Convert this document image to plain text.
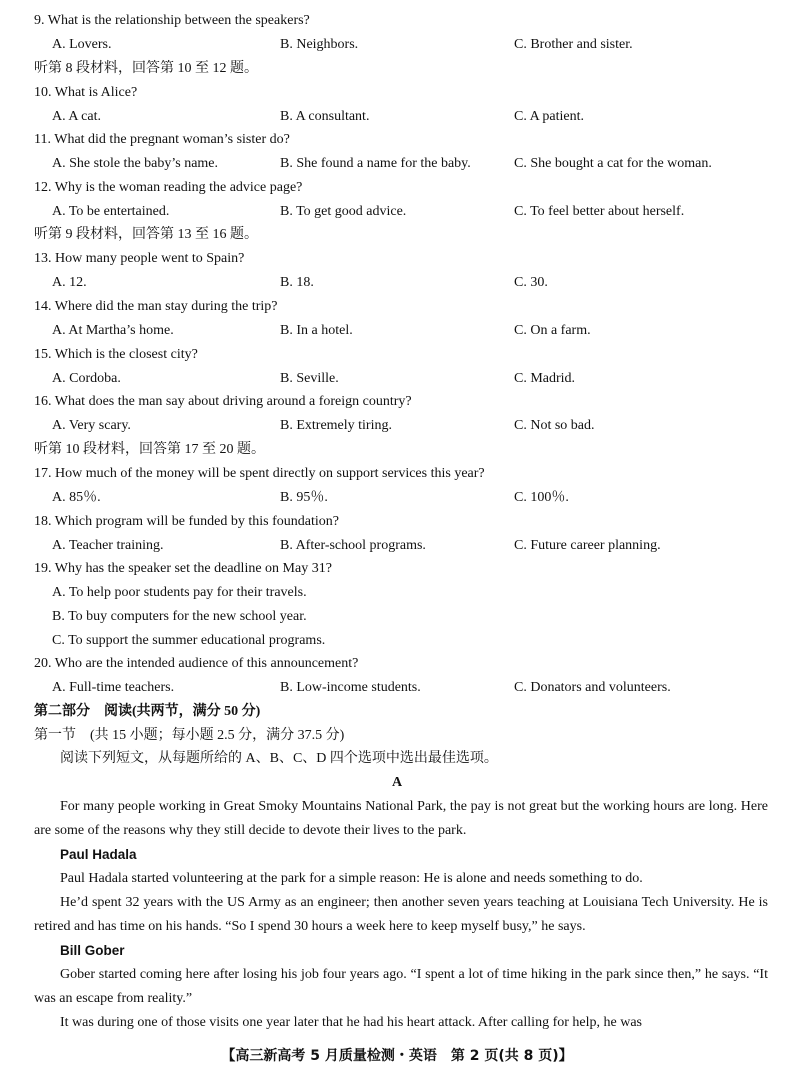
9. What is the relationship between the speakers?
A. Lovers.	B. Neighbors.	C. Brother and sister.
听第 8 段材料，回答第 10 至 12 题。
10. What is Alice?
A. A cat.	B. A consultant.	C. A patient.
11. What did the pregnant woman’s sister do?
A. She stole the baby’s name.	B. She found a name for the baby.	C. She bought a cat for the woman.
12. Why is the woman reading the advice page?
A. To be entertained.	B. To get good advice.	C. To feel better about herself.
听第 9 段材料，回答第 13 至 16 题。
13. How many people went to Spain?
A. 12.	B. 18.	C. 30.
14. Where did the man stay during the trip?
A. At Martha’s home.	B. In a hotel.	C. On a farm.
15. Which is the closest city?
A. Cordoba.	B. Seville.	C. Madrid.
16. What does the man say about driving around a foreign country?
A. Very scary.	B. Extremely tiring.	C. Not so bad.
听第 10 段材料，回答第 17 至 20 题。
17. How much of the money will be spent directly on support services this year?
A. 85％.	B. 95％.	C. 100％.
18. Which program will be funded by this foundation?
A. Teacher training.	B. After-school programs.	C. Future career planning.
19. Why has the speaker set the deadline on May 31?
A. To help poor students pay for their travels.
B. To buy computers for the new school year.
C. To support the summer educational programs.
20. Who are the intended audience of this announcement?
A. Full-time teachers.	B. Low-income students.	C. Donators and volunteers.
第二部分　阅读(共两节，满分 50 分)
第一节　(共 15 小题；每小题 2.5 分，满分 37.5 分)
阅读下列短文，从每题所给的 A、B、C、D 四个选项中选出最佳选项。
A
For many people working in Great Smoky Mountains National Park, the pay is not great but the working hours are long. Here are some of the reasons why they still decide to devote their lives to the park.
Paul Hadala
Paul Hadala started volunteering at the park for a simple reason: He is alone and needs something to do.
He’d spent 32 years with the US Army as an engineer; then another seven years teaching at Louisiana Tech University. He is retired and has time on his hands. “So I spend 30 hours a week here to keep myself busy,” he says.
Bill Gober
Gober started coming here after losing his job four years ago. “I spent a lot of time hiking in the park since then,” he says. “It was an escape from reality.”
It was during one of those visits one year later that he had his heart attack. After calling for help, he was
【高三新高考 5 月质量检测・英语　第 2 页(共 8 页)】
